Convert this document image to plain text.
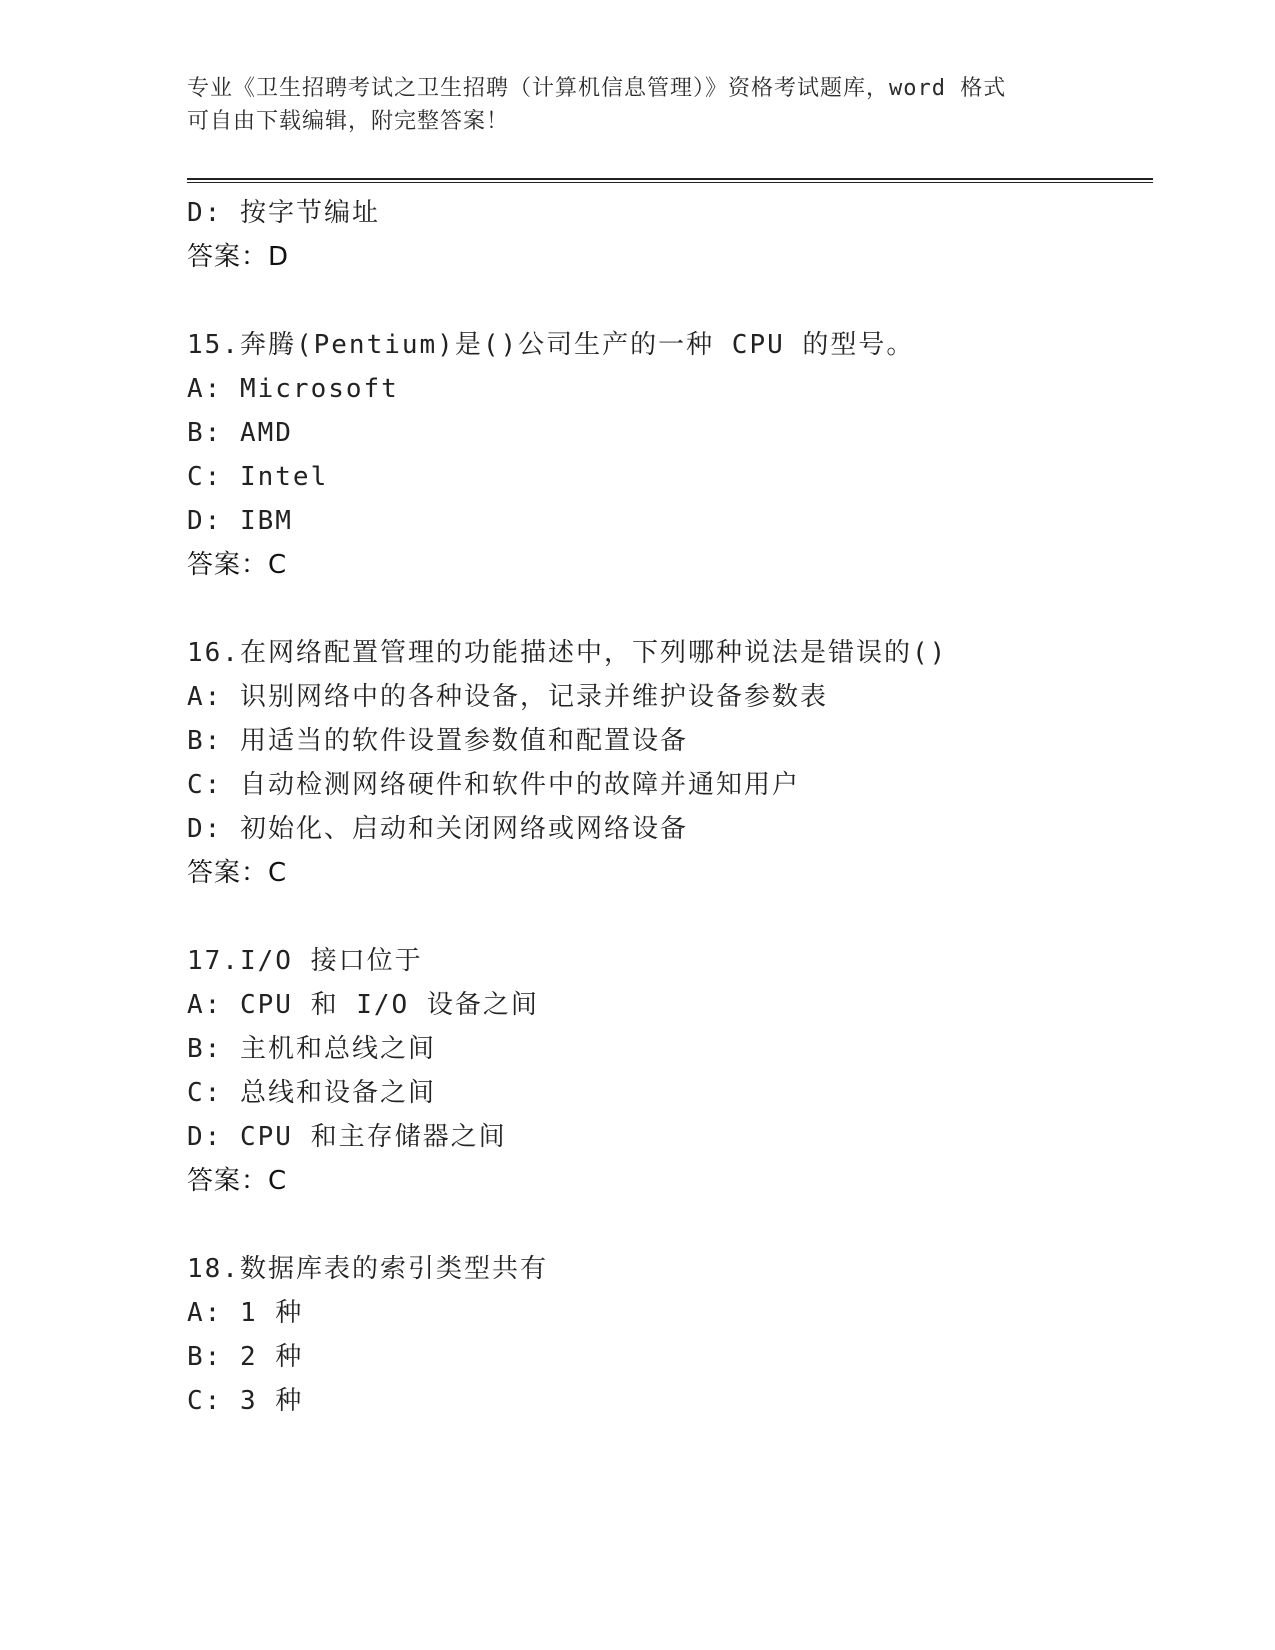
专业《卫生招聘考试之卫生招聘（计算机信息管理）》资格考试题库，word 格式
可自由下载编辑，附完整答案！
D: 按字节编址
答案：D
15.奔腾(Pentium)是()公司生产的一种 CPU 的型号。
A: Microsoft
B: AMD
C: Intel
D: IBM
答案：C
16.在网络配置管理的功能描述中，下列哪种说法是错误的()
A: 识别网络中的各种设备，记录并维护设备参数表
B: 用适当的软件设置参数值和配置设备
C: 自动检测网络硬件和软件中的故障并通知用户
D: 初始化、启动和关闭网络或网络设备
答案：C
17.I/O 接口位于
A: CPU 和 I/O 设备之间
B: 主机和总线之间
C: 总线和设备之间
D: CPU 和主存储器之间
答案：C
18.数据库表的索引类型共有
A: 1 种
B: 2 种
C: 3 种
